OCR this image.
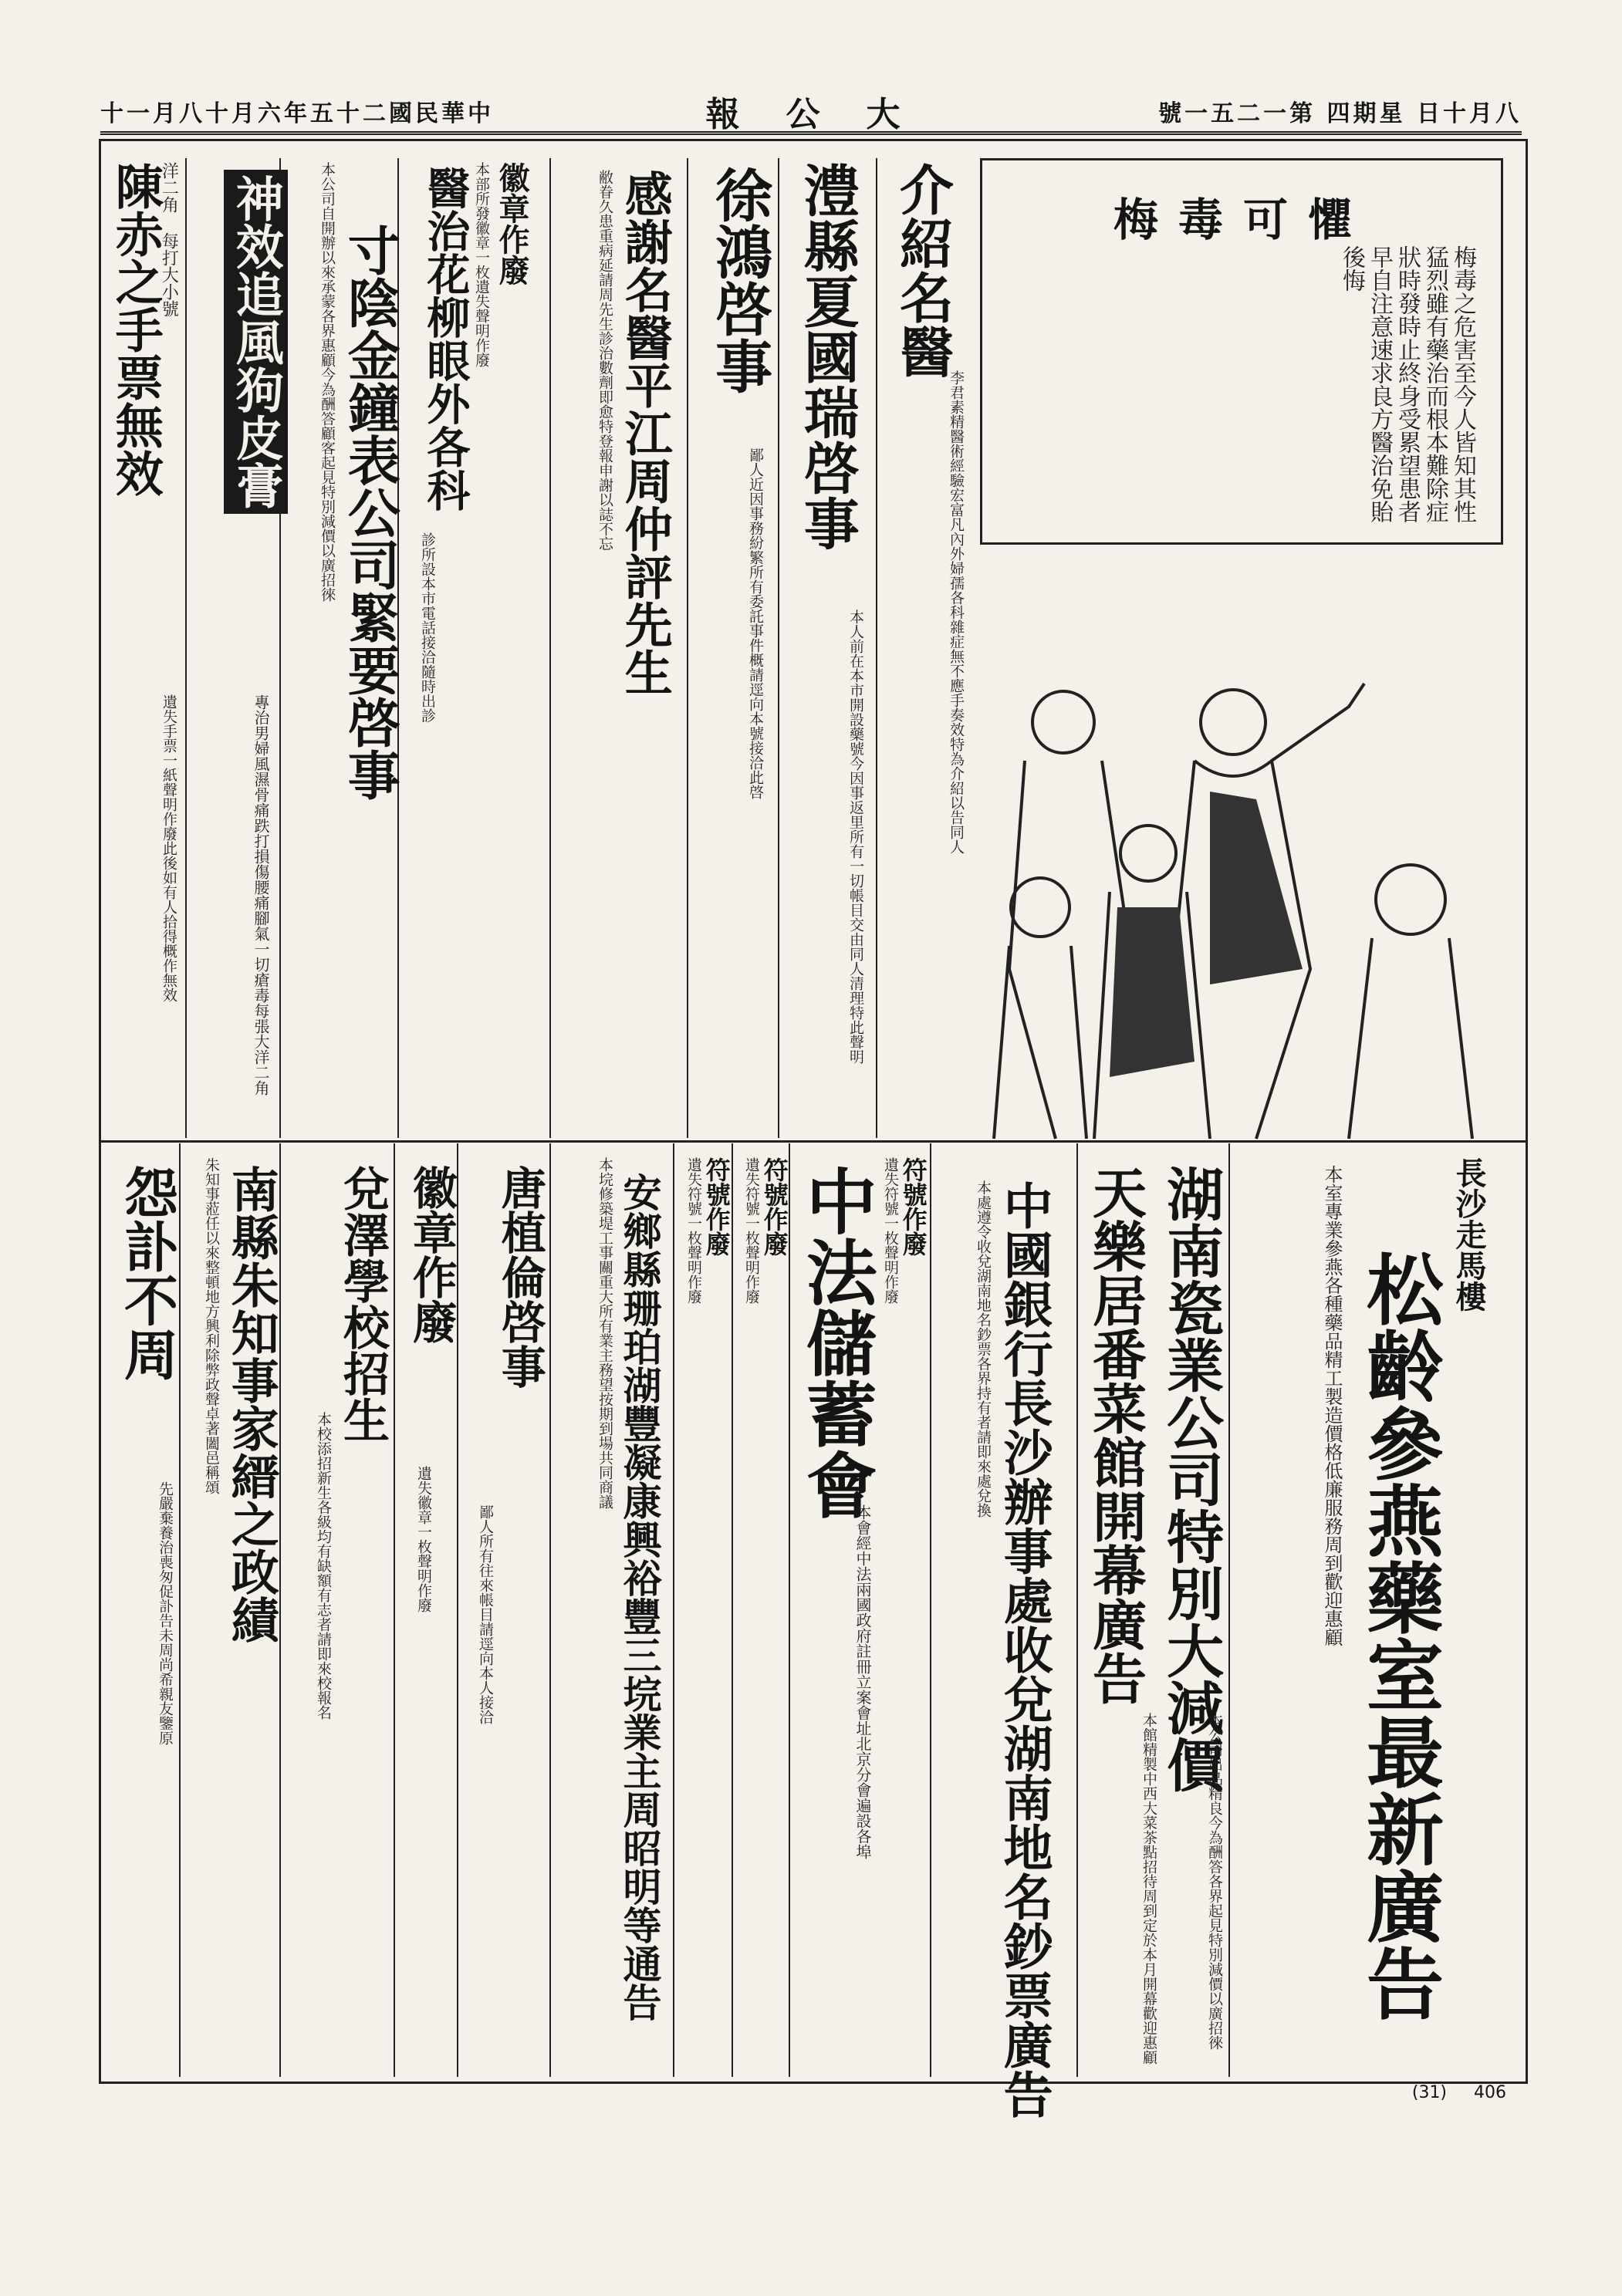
十一月八十月六年五十二國民華中	報公大	號一五二一第 四期星 日十月八
梅毒可懼
梅毒之危害至今人皆知其性猛烈雖有藥治而根本難除症狀時發時止終身受累望患者早自注意速求良方醫治免貽後悔
介紹名醫
李君素精醫術經驗宏富凡內外婦孺各科雜症無不應手奏效特為介紹以告同人
澧縣夏國瑞啓事
本人前在本市開設藥號今因事返里所有一切帳目交由同人清理特此聲明
徐鴻啓事
鄙人近因事務紛繁所有委託事件概請逕向本號接洽此啓
感謝名醫平江周仲評先生
敝眷久患重病延請周先生診治數劑即愈特登報申謝以誌不忘
徽章作廢
本部所發徽章一枚遺失聲明作廢
醫治花柳眼外各科
診所設本市電話接洽隨時出診
寸陰金鐘表公司緊要啓事
本公司自開辦以來承蒙各界惠顧今為酬答顧客起見特別減價以廣招徠
神效追風狗皮膏
專治男婦風濕骨痛跌打損傷腰痛腳氣一切瘡毒每張大洋二角
洋二角 每打大小號
陳赤之手票無效
遺失手票一紙聲明作廢此後如有人拾得概作無效
長沙走馬樓
松齡參燕藥室最新廣告
本室專業參燕各種藥品精工製造價格低廉服務周到歡迎惠顧
湖南瓷業公司特別大減價
本公司出品精良今為酬答各界起見特別減價以廣招徠
天樂居番菜館開幕廣告
本館精製中西大菜茶點招待周到定於本月開幕歡迎惠顧
中國銀行長沙辦事處收兌湖南地名鈔票廣告
本處遵令收兌湖南地名鈔票各界持有者請即來處兌換
符號作廢
遺失符號一枚聲明作廢
中法儲蓄會
本會經中法兩國政府註冊立案會址北京分會遍設各埠
符號作廢
遺失符號一枚聲明作廢
符號作廢
遺失符號一枚聲明作廢
安鄉縣珊珀湖豐凝康興裕豐三垸業主周昭明等通告
本垸修築堤工事關重大所有業主務望按期到場共同商議
唐植倫啓事
鄙人所有往來帳目請逕向本人接洽
徽章作廢
遺失徽章一枚聲明作廢
兌澤學校招生
本校添招新生各級均有缺額有志者請即來校報名
南縣朱知事家縉之政績
朱知事蒞任以來整頓地方興利除弊政聲卓著闔邑稱頌
怨訃不周
先嚴棄養治喪匆促訃告未周尚希親友鑒原
(31) 406
